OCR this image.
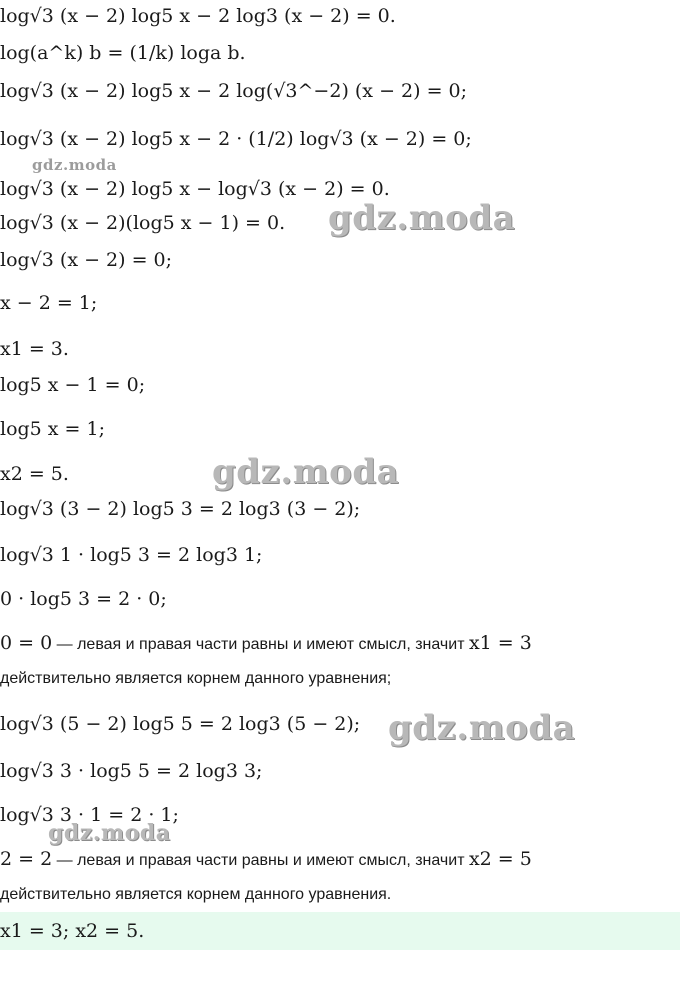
log√3 (x − 2) log5 x − 2 log3 (x − 2) = 0.
log(a^k) b = (1/k) loga b.
log√3 (x − 2) log5 x − 2 log(√3^−2) (x − 2) = 0;
log√3 (x − 2) log5 x − 2 · (1/2) log√3 (x − 2) = 0;
log√3 (x − 2) log5 x − log√3 (x − 2) = 0.
log√3 (x − 2)(log5 x − 1) = 0.
log√3 (x − 2) = 0;
x − 2 = 1;
x1 = 3.
log5 x − 1 = 0;
log5 x = 1;
x2 = 5.
log√3 (3 − 2) log5 3 = 2 log3 (3 − 2);
log√3 1 · log5 3 = 2 log3 1;
0 · log5 3 = 2 · 0;
0 = 0 — левая и правая части равны и имеют смысл, значит x1 = 3
действительно является корнем данного уравнения;
log√3 (5 − 2) log5 5 = 2 log3 (5 − 2);
log√3 3 · log5 5 = 2 log3 3;
log√3 3 · 1 = 2 · 1;
2 = 2 — левая и правая части равны и имеют смысл, значит x2 = 5
действительно является корнем данного уравнения.
x1 = 3; x2 = 5.
gdz.moda
gdz.moda
gdz.moda
gdz.moda
gdz.moda
